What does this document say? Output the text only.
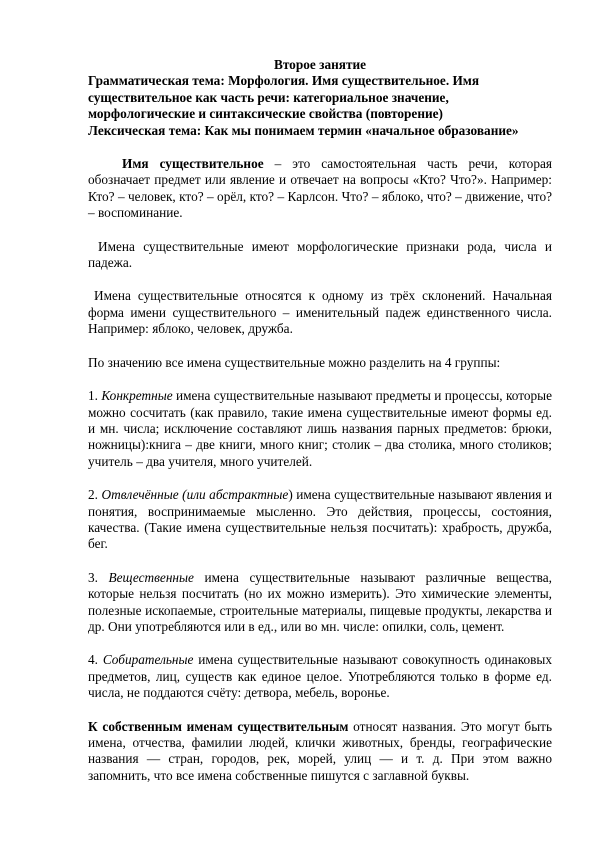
Второе занятие

Грамматическая тема: Морфология. Имя существительное. Имя
существительное как часть речи: категориальное значение,
морфологические и синтаксические свойства (повторение)
Лексическая тема: Как мы понимаем термин «начальное образование»

Имя существительное – это самостоятельная часть речи, которая обозначает предмет или явление и отвечает на вопросы «Кто? Что?». Например: Кто? – человек, кто? – орёл, кто? – Карлсон. Что? – яблоко, что? – движение, что? – воспоминание.

Имена существительные имеют морфологические признаки рода, числа и падежа.

Имена существительные относятся к одному из трёх склонений. Начальная форма имени существительного – именительный падеж единственного числа. Например: яблоко, человек, дружба.

По значению все имена существительные можно разделить на 4 группы:

1. Конкретные имена существительные называют предметы и процессы, которые можно сосчитать (как правило, такие имена существительные имеют формы ед. и мн. числа; исключение составляют лишь названия парных предметов: брюки, ножницы):книга – две книги, много книг; столик – два столика, много столиков; учитель – два учителя, много учителей.

2. Отвлечённые (или абстрактные) имена существительные называют явления и понятия, воспринимаемые мысленно. Это действия, процессы, состояния, качества. (Такие имена существительные нельзя посчитать): храбрость, дружба, бег.

3. Вещественные имена существительные называют различные вещества, которые нельзя посчитать (но их можно измерить). Это химические элементы, полезные ископаемые, строительные материалы, пищевые продукты, лекарства и др. Они употребляются или в ед., или во мн. числе: опилки, соль, цемент.

4. Собирательные имена существительные называют совокупность одинаковых предметов, лиц, существ как единое целое. Употребляются только в форме ед. числа, не поддаются счёту: детвора, мебель, воронье.

К собственным именам существительным относят названия. Это могут быть имена, отчества, фамилии людей, клички животных, бренды, географические названия — стран, городов, рек, морей, улиц — и т. д. При этом важно запомнить, что все имена собственные пишутся с заглавной буквы.
